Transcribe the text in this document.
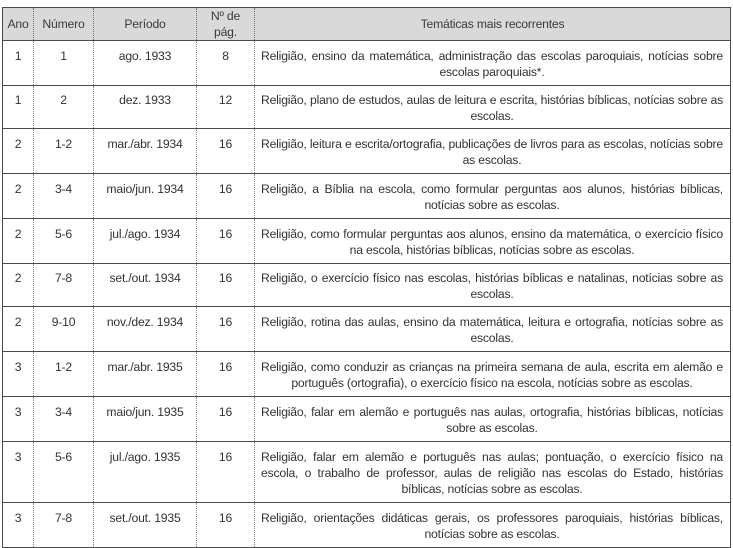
Ano	Número	Período	Nº de pág.	Temáticas mais recorrentes
1	1	ago. 1933	8	Religião, ensino da matemática, administração das escolas paroquiais, notícias sobre escolas paroquiais*.
1	2	dez. 1933	12	Religião, plano de estudos, aulas de leitura e escrita, histórias bíblicas, notícias sobre as escolas.
2	1-2	mar./abr. 1934	16	Religião, leitura e escrita/ortografia, publicações de livros para as escolas, notícias sobre as escolas.
2	3-4	maio/jun. 1934	16	Religião, a Bíblia na escola, como formular perguntas aos alunos, histórias bíblicas, notícias sobre as escolas.
2	5-6	jul./ago. 1934	16	Religião, como formular perguntas aos alunos, ensino da matemática, o exercício físico na escola, histórias bíblicas, notícias sobre as escolas.
2	7-8	set./out. 1934	16	Religião, o exercício físico nas escolas, histórias bíblicas e natalinas, notícias sobre as escolas.
2	9-10	nov./dez. 1934	16	Religião, rotina das aulas, ensino da matemática, leitura e ortografia, notícias sobre as escolas.
3	1-2	mar./abr. 1935	16	Religião, como conduzir as crianças na primeira semana de aula, escrita em alemão e português (ortografia), o exercício físico na escola, notícias sobre as escolas.
3	3-4	maio/jun. 1935	16	Religião, falar em alemão e português nas aulas, ortografia, histórias bíblicas, notícias sobre as escolas.
3	5-6	jul./ago. 1935	16	Religião, falar em alemão e português nas aulas; pontuação, o exercício físico na escola, o trabalho de professor, aulas de religião nas escolas do Estado, histórias bíblicas, notícias sobre as escolas.
3	7-8	set./out. 1935	16	Religião, orientações didáticas gerais, os professores paroquiais, histórias bíblicas, notícias sobre as escolas.
